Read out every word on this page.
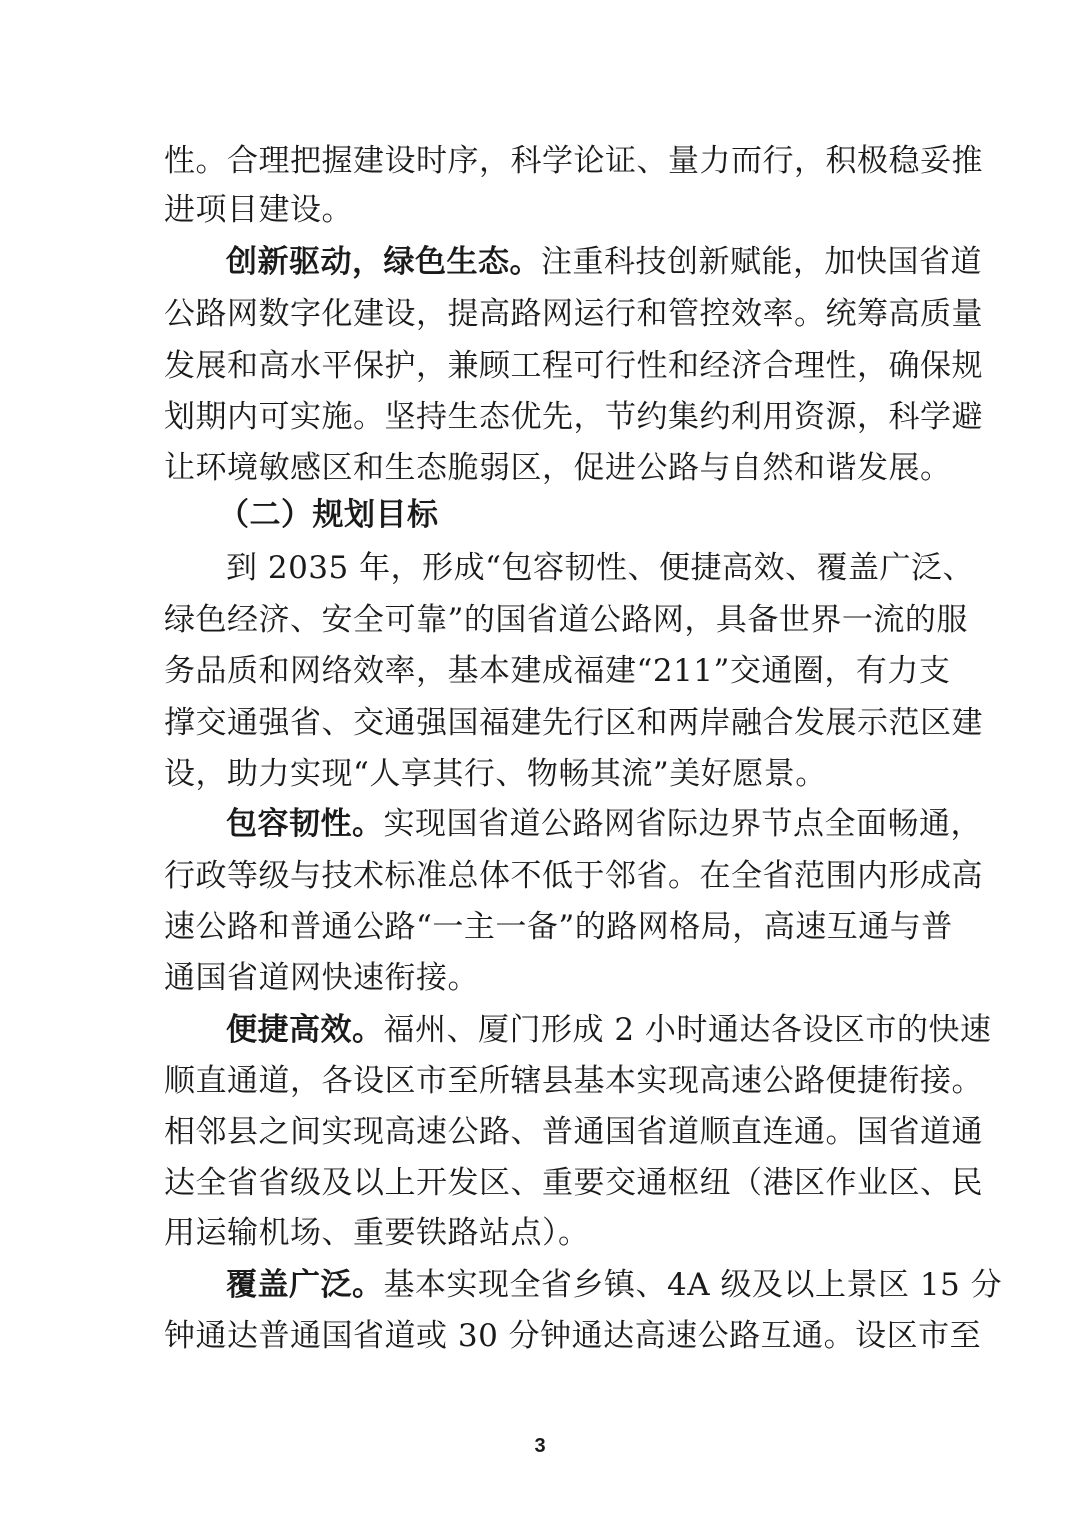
性。合理把握建设时序，科学论证、量力而行，积极稳妥推
进项目建设。
创新驱动，绿色生态。注重科技创新赋能，加快国省道
公路网数字化建设，提高路网运行和管控效率。统筹高质量
发展和高水平保护，兼顾工程可行性和经济合理性，确保规
划期内可实施。坚持生态优先，节约集约利用资源，科学避
让环境敏感区和生态脆弱区，促进公路与自然和谐发展。
（二）规划目标
到 2035 年，形成“包容韧性、便捷高效、覆盖广泛、
绿色经济、安全可靠”的国省道公路网，具备世界一流的服
务品质和网络效率，基本建成福建“211”交通圈，有力支
撑交通强省、交通强国福建先行区和两岸融合发展示范区建
设，助力实现“人享其行、物畅其流”美好愿景。
包容韧性。实现国省道公路网省际边界节点全面畅通，
行政等级与技术标准总体不低于邻省。在全省范围内形成高
速公路和普通公路“一主一备”的路网格局，高速互通与普
通国省道网快速衔接。
便捷高效。福州、厦门形成 2 小时通达各设区市的快速
顺直通道，各设区市至所辖县基本实现高速公路便捷衔接。
相邻县之间实现高速公路、普通国省道顺直连通。国省道通
达全省省级及以上开发区、重要交通枢纽（港区作业区、民
用运输机场、重要铁路站点）。
覆盖广泛。基本实现全省乡镇、4A 级及以上景区 15 分
钟通达普通国省道或 30 分钟通达高速公路互通。设区市至
3
